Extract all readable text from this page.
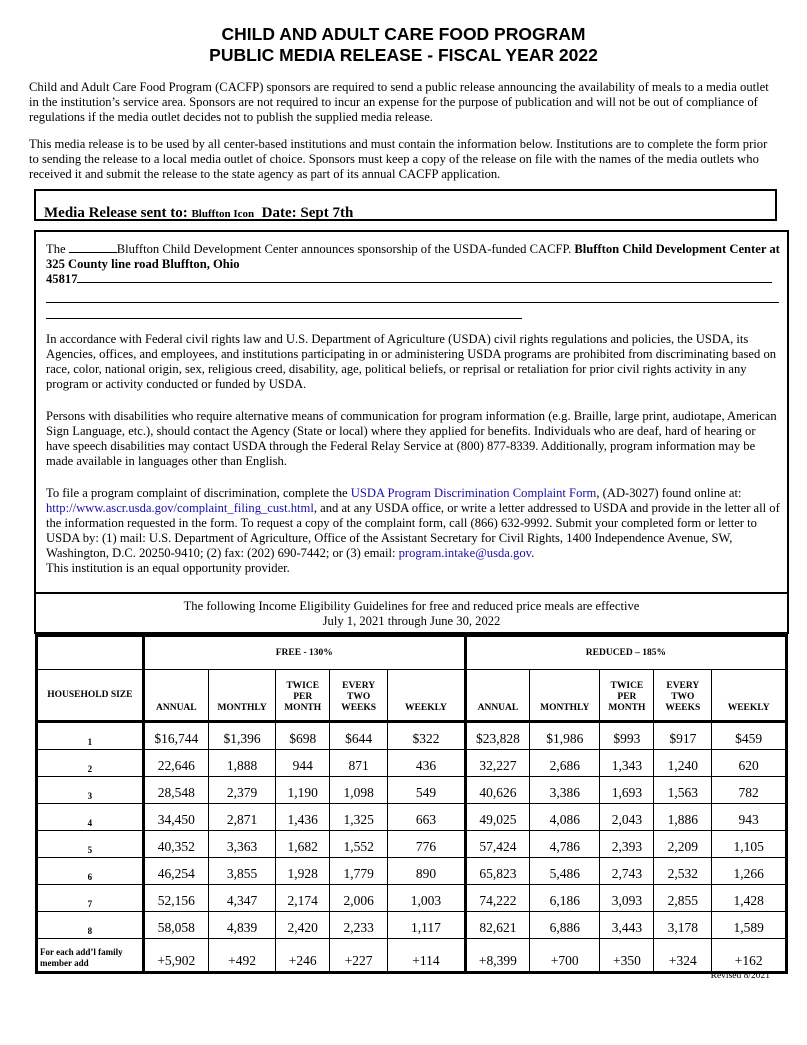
CHILD AND ADULT CARE FOOD PROGRAM
PUBLIC MEDIA RELEASE - FISCAL YEAR 2022
Child and Adult Care Food Program (CACFP) sponsors are required to send a public release announcing the availability of meals to a media outlet in the institution’s service area. Sponsors are not required to incur an expense for the purpose of publication and will not be out of compliance of regulations if the media outlet decides not to publish the supplied media release.
This media release is to be used by all center-based institutions and must contain the information below. Institutions are to complete the form prior to sending the release to a local media outlet of choice. Sponsors must keep a copy of the release on file with the names of the media outlets who received it and submit the release to the state agency as part of its annual CACFP application.
Media Release sent to: Bluffton Icon Date: Sept 7th
The	Bluffton Child Development Center announces sponsorship of the USDA-funded CACFP. Bluffton Child Development Center at 325 County line road Bluffton, Ohio
45817
In accordance with Federal civil rights law and U.S. Department of Agriculture (USDA) civil rights regulations and policies, the USDA, its Agencies, offices, and employees, and institutions participating in or administering USDA programs are prohibited from discriminating based on race, color, national origin, sex, religious creed, disability, age, political beliefs, or reprisal or retaliation for prior civil rights activity in any program or activity conducted or funded by USDA.
Persons with disabilities who require alternative means of communication for program information (e.g. Braille, large print, audiotape, American Sign Language, etc.), should contact the Agency (State or local) where they applied for benefits. Individuals who are deaf, hard of hearing or have speech disabilities may contact USDA through the Federal Relay Service at (800) 877-8339. Additionally, program information may be made available in languages other than English.
To file a program complaint of discrimination, complete the USDA Program Discrimination Complaint Form, (AD-3027) found online at: http://www.ascr.usda.gov/complaint_filing_cust.html, and at any USDA office, or write a letter addressed to USDA and provide in the letter all of the information requested in the form. To request a copy of the complaint form, call (866) 632-9992. Submit your completed form or letter to USDA by: (1) mail: U.S. Department of Agriculture, Office of the Assistant Secretary for Civil Rights, 1400 Independence Avenue, SW, Washington, D.C. 20250-9410; (2) fax: (202) 690-7442; or (3) email: program.intake@usda.gov.
This institution is an equal opportunity provider.
The following Income Eligibility Guidelines for free and reduced price meals are effective
July 1, 2021 through June 30, 2022
	FREE - 130%					REDUCED – 185%				
HOUSEHOLD SIZE	ANNUAL	MONTHLY	TWICE PER MONTH	EVERY TWO WEEKS	WEEKLY	ANNUAL	MONTHLY	TWICE PER MONTH	EVERY TWO WEEKS	WEEKLY
1	$16,744	$1,396	$698	$644	$322	$23,828	$1,986	$993	$917	$459
2	22,646	1,888	944	871	436	32,227	2,686	1,343	1,240	620
3	28,548	2,379	1,190	1,098	549	40,626	3,386	1,693	1,563	782
4	34,450	2,871	1,436	1,325	663	49,025	4,086	2,043	1,886	943
5	40,352	3,363	1,682	1,552	776	57,424	4,786	2,393	2,209	1,105
6	46,254	3,855	1,928	1,779	890	65,823	5,486	2,743	2,532	1,266
7	52,156	4,347	2,174	2,006	1,003	74,222	6,186	3,093	2,855	1,428
8	58,058	4,839	2,420	2,233	1,117	82,621	6,886	3,443	3,178	1,589
For each add’l family member add	+5,902	+492	+246	+227	+114	+8,399	+700	+350	+324	+162
Revised 8/2021
